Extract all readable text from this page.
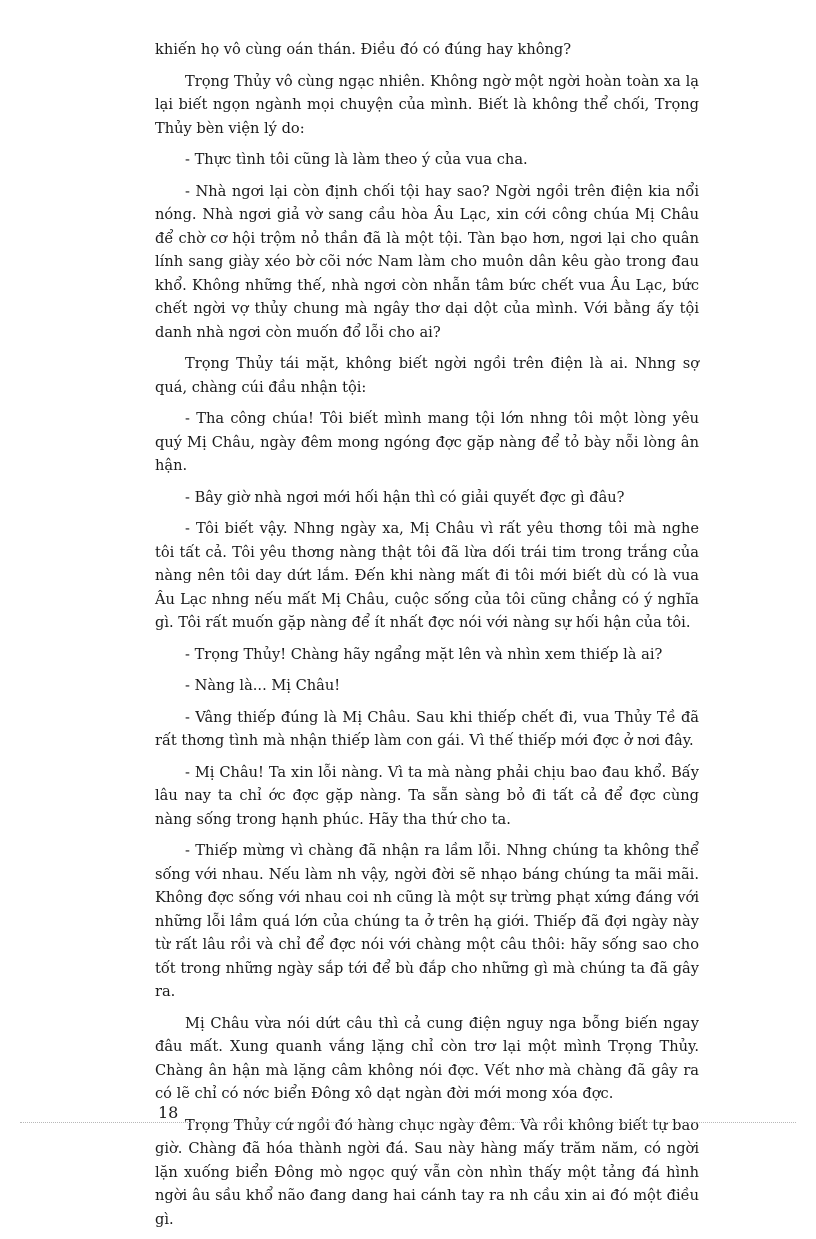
khiến họ vô cùng oán thán. Điều đó có đúng hay không?

Trọng Thủy vô cùng ngạc nhiên. Không ngờ một ngời hoàn toàn xa lạ lại biết ngọn ngành mọi chuyện của mình. Biết là không thể chối, Trọng Thủy bèn viện lý do:

- Thực tình tôi cũng là làm theo ý của vua cha.

- Nhà ngơi lại còn định chối tội hay sao? Ngời ngồi trên điện kia nổi nóng. Nhà ngơi giả vờ sang cầu hòa Âu Lạc, xin cới công chúa Mị Châu để chờ cơ hội trộm nỏ thần đã là một tội. Tàn bạo hơn, ngơi lại cho quân lính sang giày xéo bờ cõi nớc Nam làm cho muôn dân kêu gào trong đau khổ. Không những thế, nhà ngơi còn nhẫn tâm bức chết vua Âu Lạc, bức chết ngời vợ thủy chung mà ngây thơ dại dột của mình. Với bằng ấy tội danh nhà ngơi còn muốn đổ lỗi cho ai?

Trọng Thủy tái mặt, không biết ngời ngồi trên điện là ai. Nhng sợ quá, chàng cúi đầu nhận tội:

- Tha công chúa! Tôi biết mình mang tội lớn nhng tôi một lòng yêu quý Mị Châu, ngày đêm mong ngóng đợc gặp nàng để tỏ bày nỗi lòng ân hận.

- Bây giờ nhà ngơi mới hối hận thì có giải quyết đợc gì đâu?

- Tôi biết vậy. Nhng ngày xa, Mị Châu vì rất yêu thơng tôi mà nghe tôi tất cả. Tôi yêu thơng nàng thật tôi đã lừa dối trái tim trong trắng của nàng nên tôi day dứt lắm. Đến khi nàng mất đi tôi mới biết dù có là vua Âu Lạc nhng nếu mất Mị Châu, cuộc sống của tôi cũng chẳng có ý nghĩa gì. Tôi rất muốn gặp nàng để ít nhất đợc nói với nàng sự hối hận của tôi.

- Trọng Thủy! Chàng hãy ngẩng mặt lên và nhìn xem thiếp là ai?

- Nàng là... Mị Châu!

- Vâng thiếp đúng là Mị Châu. Sau khi thiếp chết đi, vua Thủy Tề đã rất thơng tình mà nhận thiếp làm con gái. Vì thế thiếp mới đợc ở nơi đây.

- Mị Châu! Ta xin lỗi nàng. Vì ta mà nàng phải chịu bao đau khổ. Bấy lâu nay ta chỉ ớc đợc gặp nàng. Ta sẵn sàng bỏ đi tất cả để đợc cùng nàng sống trong hạnh phúc. Hãy tha thứ cho ta.

- Thiếp mừng vì chàng đã nhận ra lầm lỗi. Nhng chúng ta không thể sống với nhau. Nếu làm nh vậy, ngời đời sẽ nhạo báng chúng ta mãi mãi. Không đợc sống với nhau coi nh cũng là một sự trừng phạt xứng đáng với những lỗi lầm quá lớn của chúng ta ở trên hạ giới. Thiếp đã đợi ngày này từ rất lâu rồi và chỉ để đợc nói với chàng một câu thôi: hãy sống sao cho tốt trong những ngày sắp tới để bù đắp cho những gì mà chúng ta đã gây ra.

Mị Châu vừa nói dứt câu thì cả cung điện nguy nga bỗng biến ngay đâu mất. Xung quanh vắng lặng chỉ còn trơ lại một mình Trọng Thủy. Chàng ân hận mà lặng câm không nói đợc. Vết nhơ mà chàng đã gây ra có lẽ chỉ có nớc biển Đông xô dạt ngàn đời mới mong xóa đợc.

Trọng Thủy cứ ngồi đó hàng chục ngày đêm. Và rồi không biết tự bao giờ. Chàng đã hóa thành ngời đá. Sau này hàng mấy trăm năm, có ngời lặn xuống biển Đông mò ngọc quý vẫn còn nhìn thấy một tảng đá hình ngời âu sầu khổ não đang dang hai cánh tay ra nh cầu xin ai đó một điều gì.

18
